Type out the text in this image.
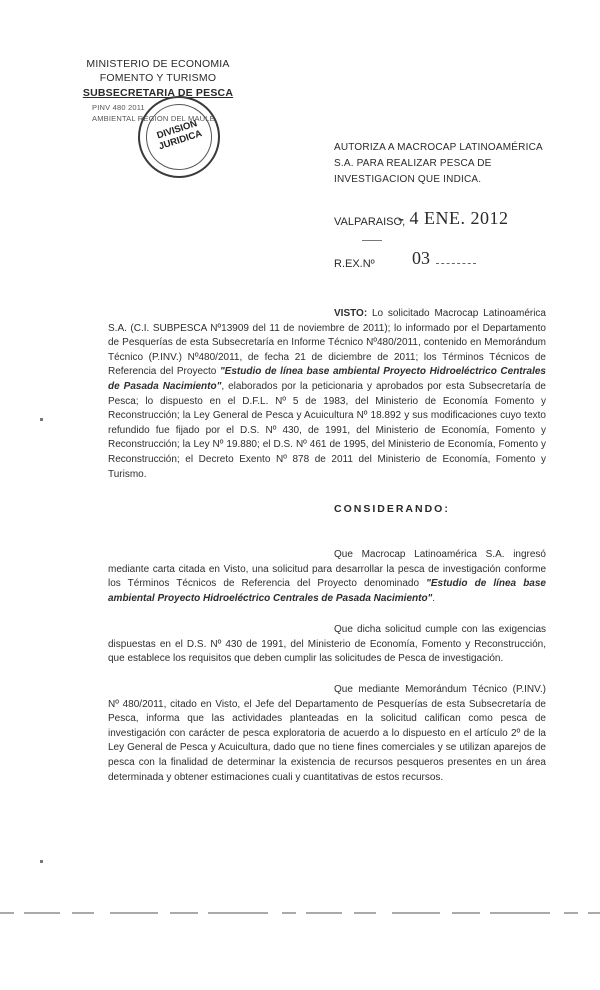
MINISTERIO DE ECONOMIA
FOMENTO Y TURISMO
SUBSECRETARIA DE PESCA
PINV 480 2011
AMBIENTAL REGION DEL MAULE
DIVISION JURIDICA	AUTORIZA A MACROCAP LATINOAMÉRICA S.A. PARA REALIZAR PESCA DE INVESTIGACION QUE INDICA.
VALPARAISO,
- 4 ENE. 2012
R.EX.Nº 03
VISTO: Lo solicitado Macrocap Latinoamérica S.A. (C.I. SUBPESCA Nº13909 del 11 de noviembre de 2011); lo informado por el Departamento de Pesquerías de esta Subsecretaría en Informe Técnico Nº480/2011, contenido en Memorándum Técnico (P.INV.) Nº480/2011, de fecha 21 de diciembre de 2011; los Términos Técnicos de Referencia del Proyecto "Estudio de línea base ambiental Proyecto Hidroeléctrico Centrales de Pasada Nacimiento", elaborados por la peticionaria y aprobados por esta Subsecretaría de Pesca; lo dispuesto en el D.F.L. Nº 5 de 1983, del Ministerio de Economía Fomento y Reconstrucción; la Ley General de Pesca y Acuicultura Nº 18.892 y sus modificaciones cuyo texto refundido fue fijado por el D.S. Nº 430, de 1991, del Ministerio de Economía, Fomento y Reconstrucción; la Ley Nº 19.880; el D.S. Nº 461 de 1995, del Ministerio de Economía, Fomento y Reconstrucción; el Decreto Exento Nº 878 de 2011 del Ministerio de Economía, Fomento y Turismo.
CONSIDERANDO:
Que Macrocap Latinoamérica S.A. ingresó mediante carta citada en Visto, una solicitud para desarrollar la pesca de investigación conforme los Términos Técnicos de Referencia del Proyecto denominado "Estudio de línea base ambiental Proyecto Hidroeléctrico Centrales de Pasada Nacimiento".
Que dicha solicitud cumple con las exigencias dispuestas en el D.S. Nº 430 de 1991, del Ministerio de Economía, Fomento y Reconstrucción, que establece los requisitos que deben cumplir las solicitudes de Pesca de investigación.
Que mediante Memorándum Técnico (P.INV.) Nº 480/2011, citado en Visto, el Jefe del Departamento de Pesquerías de esta Subsecretaría de Pesca, informa que las actividades planteadas en la solicitud califican como pesca de investigación con carácter de pesca exploratoria de acuerdo a lo dispuesto en el artículo 2º de la Ley General de Pesca y Acuicultura, dado que no tiene fines comerciales y se utilizan aparejos de pesca con la finalidad de determinar la existencia de recursos pesqueros presentes en un área determinada y obtener estimaciones cuali y cuantitativas de estos recursos.
